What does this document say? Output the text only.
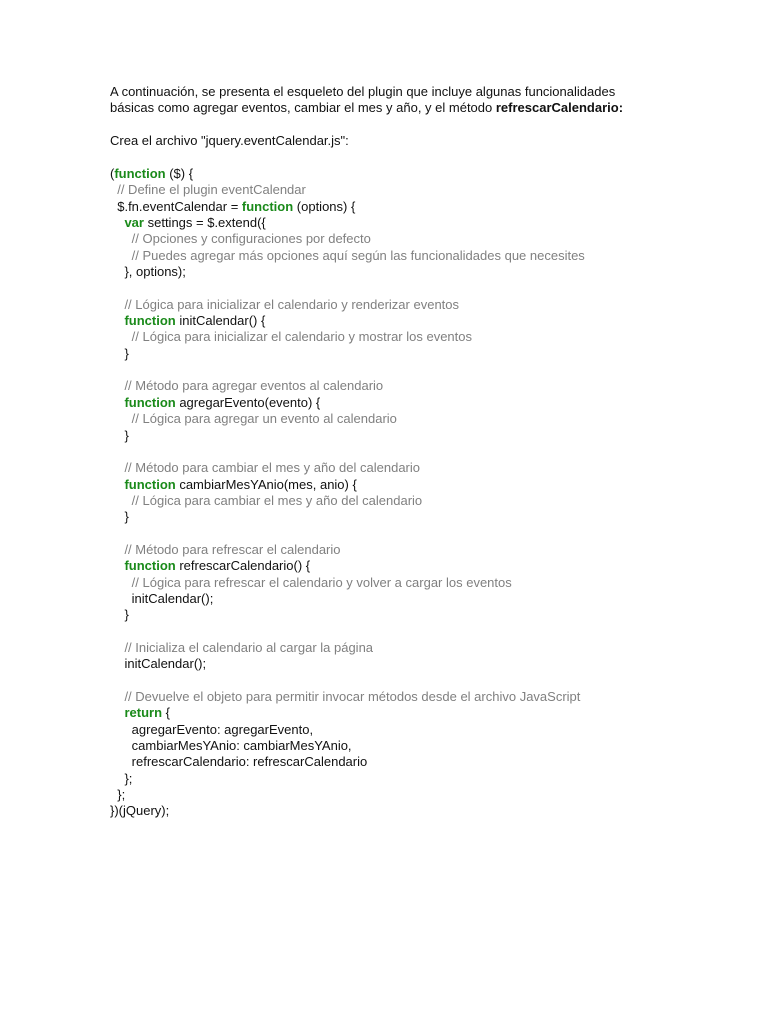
A continuación, se presenta el esqueleto del plugin que incluye algunas funcionalidades
básicas como agregar eventos, cambiar el mes y año, y el método refrescarCalendario:

Crea el archivo "jquery.eventCalendar.js":

(function ($) {
// Define el plugin eventCalendar
$.fn.eventCalendar = function (options) {
var settings = $.extend({
// Opciones y configuraciones por defecto
// Puedes agregar más opciones aquí según las funcionalidades que necesites
}, options);
// Lógica para inicializar el calendario y renderizar eventos
function initCalendar() {
// Lógica para inicializar el calendario y mostrar los eventos
}
// Método para agregar eventos al calendario
function agregarEvento(evento) {
// Lógica para agregar un evento al calendario
}
// Método para cambiar el mes y año del calendario
function cambiarMesYAnio(mes, anio) {
// Lógica para cambiar el mes y año del calendario
}
// Método para refrescar el calendario
function refrescarCalendario() {
// Lógica para refrescar el calendario y volver a cargar los eventos
initCalendar();
}
// Inicializa el calendario al cargar la página
initCalendar();
// Devuelve el objeto para permitir invocar métodos desde el archivo JavaScript
return {
agregarEvento: agregarEvento,
cambiarMesYAnio: cambiarMesYAnio,
refrescarCalendario: refrescarCalendario
};
};
})(jQuery);
